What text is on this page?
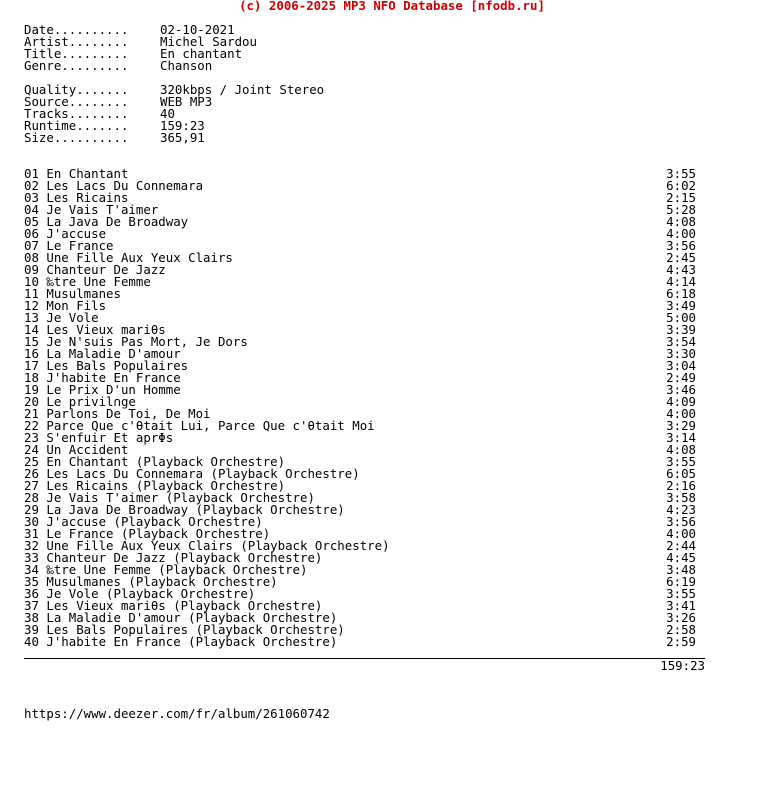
(c) 2006-2025 MP3 NFO Database [nfodb.ru]
Date..........	02-10-2021
Artist........	Michel Sardou
Title.........	En chantant
Genre.........	Chanson
Quality.......	320kbps / Joint Stereo
Source........	WEB MP3
Tracks........	40
Runtime.......	159:23
Size..........	365,91
01 En Chantant	3:55
02 Les Lacs Du Connemara	6:02
03 Les Ricains	2:15
04 Je Vais T'aimer	5:28
05 La Java De Broadway	4:08
06 J'accuse	4:00
07 Le France	3:56
08 Une Fille Aux Yeux Clairs	2:45
09 Chanteur De Jazz	4:43
10 ‰tre Une Femme	4:14
11 Musulmanes	6:18
12 Mon Fils	3:49
13 Je Vole	5:00
14 Les Vieux mariθs	3:39
15 Je N'suis Pas Mort, Je Dors	3:54
16 La Maladie D'amour	3:30
17 Les Bals Populaires	3:04
18 J'habite En France	2:49
19 Le Prix D'un Homme	3:46
20 Le privil∩ge	4:09
21 Parlons De Toi, De Moi	4:00
22 Parce Que c'θtait Lui, Parce Que c'θtait Moi	3:29
23 S'enfuir Et aprΦs	3:14
24 Un Accident	4:08
25 En Chantant (Playback Orchestre)	3:55
26 Les Lacs Du Connemara (Playback Orchestre)	6:05
27 Les Ricains (Playback Orchestre)	2:16
28 Je Vais T'aimer (Playback Orchestre)	3:58
29 La Java De Broadway (Playback Orchestre)	4:23
30 J'accuse (Playback Orchestre)	3:56
31 Le France (Playback Orchestre)	4:00
32 Une Fille Aux Yeux Clairs (Playback Orchestre)	2:44
33 Chanteur De Jazz (Playback Orchestre)	4:45
34 ‰tre Une Femme (Playback Orchestre)	3:48
35 Musulmanes (Playback Orchestre)	6:19
36 Je Vole (Playback Orchestre)	3:55
37 Les Vieux mariθs (Playback Orchestre)	3:41
38 La Maladie D'amour (Playback Orchestre)	3:26
39 Les Bals Populaires (Playback Orchestre)	2:58
40 J'habite En France (Playback Orchestre)	2:59
159:23
https://www.deezer.com/fr/album/261060742
